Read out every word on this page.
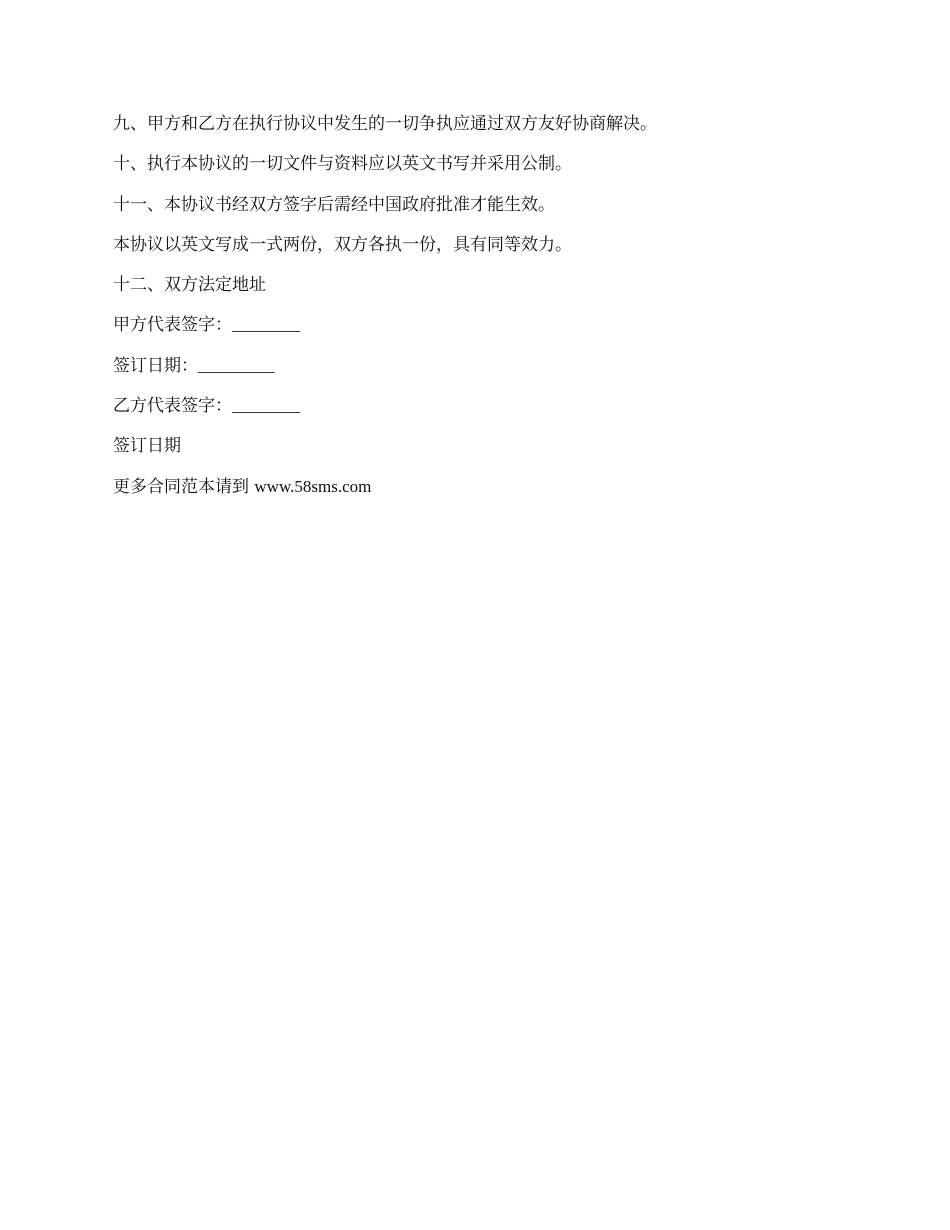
九、甲方和乙方在执行协议中发生的一切争执应通过双方友好协商解决。
十、执行本协议的一切文件与资料应以英文书写并采用公制。
十一、本协议书经双方签字后需经中国政府批准才能生效。
本协议以英文写成一式两份，双方各执一份，具有同等效力。
十二、双方法定地址
甲方代表签字：________
签订日期：_________
乙方代表签字：________
签订日期
更多合同范本请到 www.58sms.com
